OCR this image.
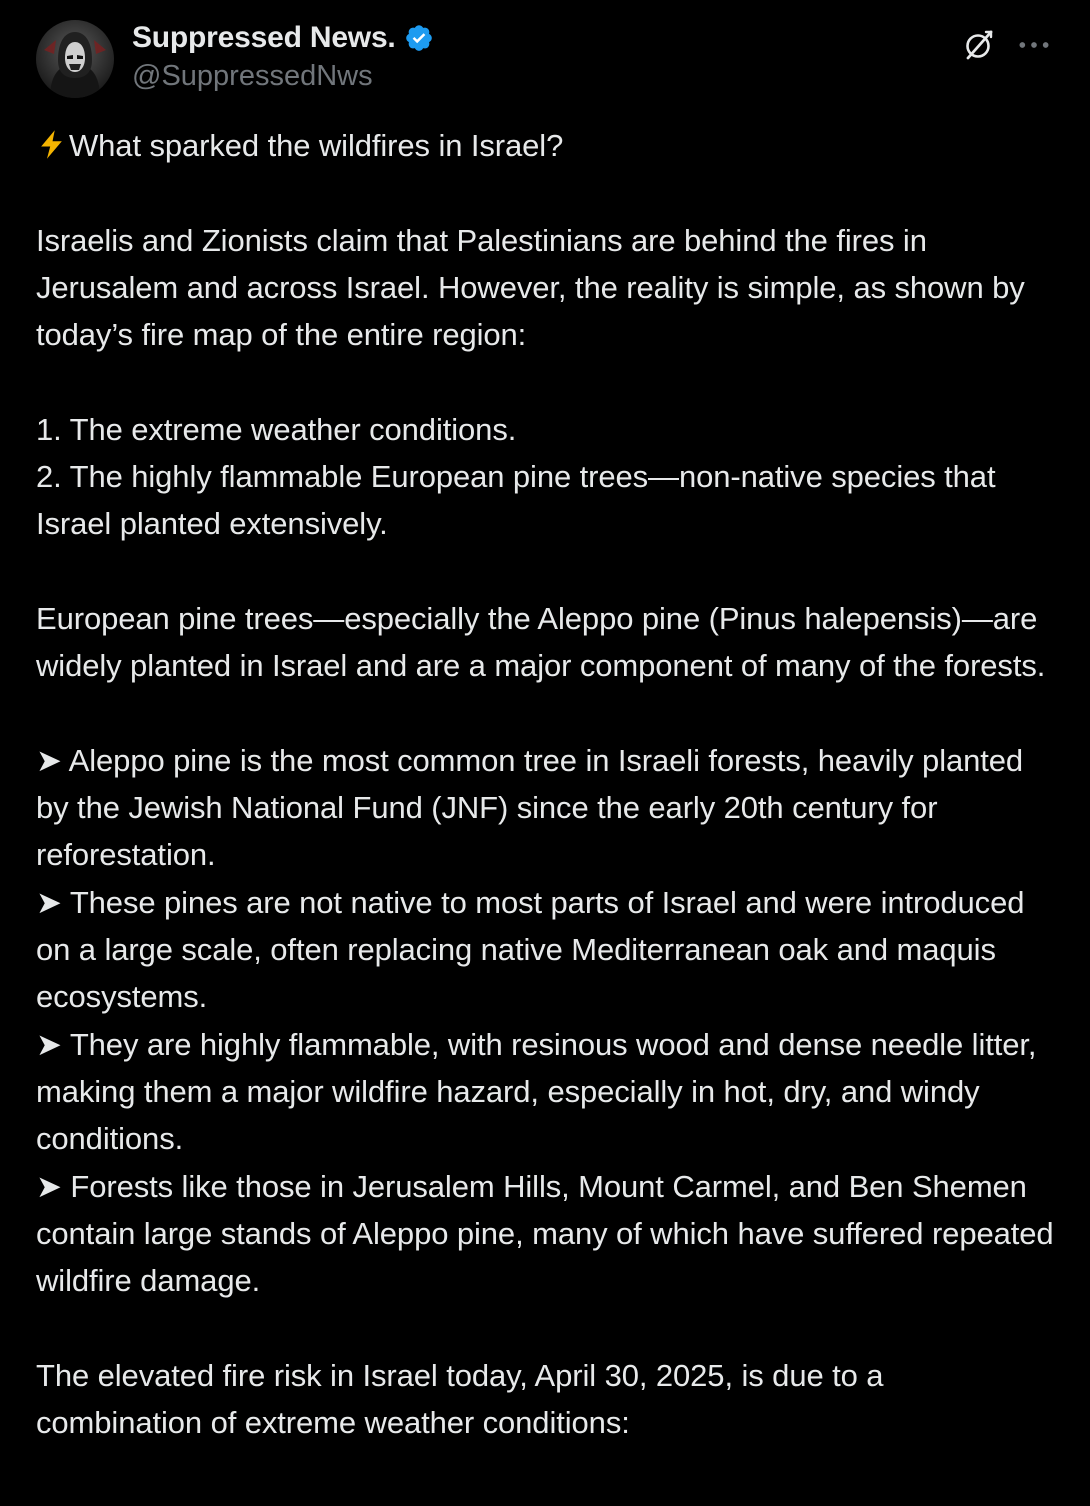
Suppressed News.
@SuppressedNws

What sparked the wildfires in Israel?

Israelis and Zionists claim that Palestinians are behind the fires in Jerusalem and across Israel. However, the reality is simple, as shown by today’s fire map of the entire region:

1. The extreme weather conditions.
2. The highly flammable European pine trees—non-native species that Israel planted extensively.

European pine trees—especially the Aleppo pine (Pinus halepensis)—are widely planted in Israel and are a major component of many of the forests.

➤ Aleppo pine is the most common tree in Israeli forests, heavily planted by the Jewish National Fund (JNF) since the early 20th century for reforestation.
➤ These pines are not native to most parts of Israel and were introduced on a large scale, often replacing native Mediterranean oak and maquis ecosystems.
➤ They are highly flammable, with resinous wood and dense needle litter, making them a major wildfire hazard, especially in hot, dry, and windy conditions.
➤ Forests like those in Jerusalem Hills, Mount Carmel, and Ben Shemen contain large stands of Aleppo pine, many of which have suffered repeated wildfire damage.

The elevated fire risk in Israel today, April 30, 2025, is due to a combination of extreme weather conditions:
